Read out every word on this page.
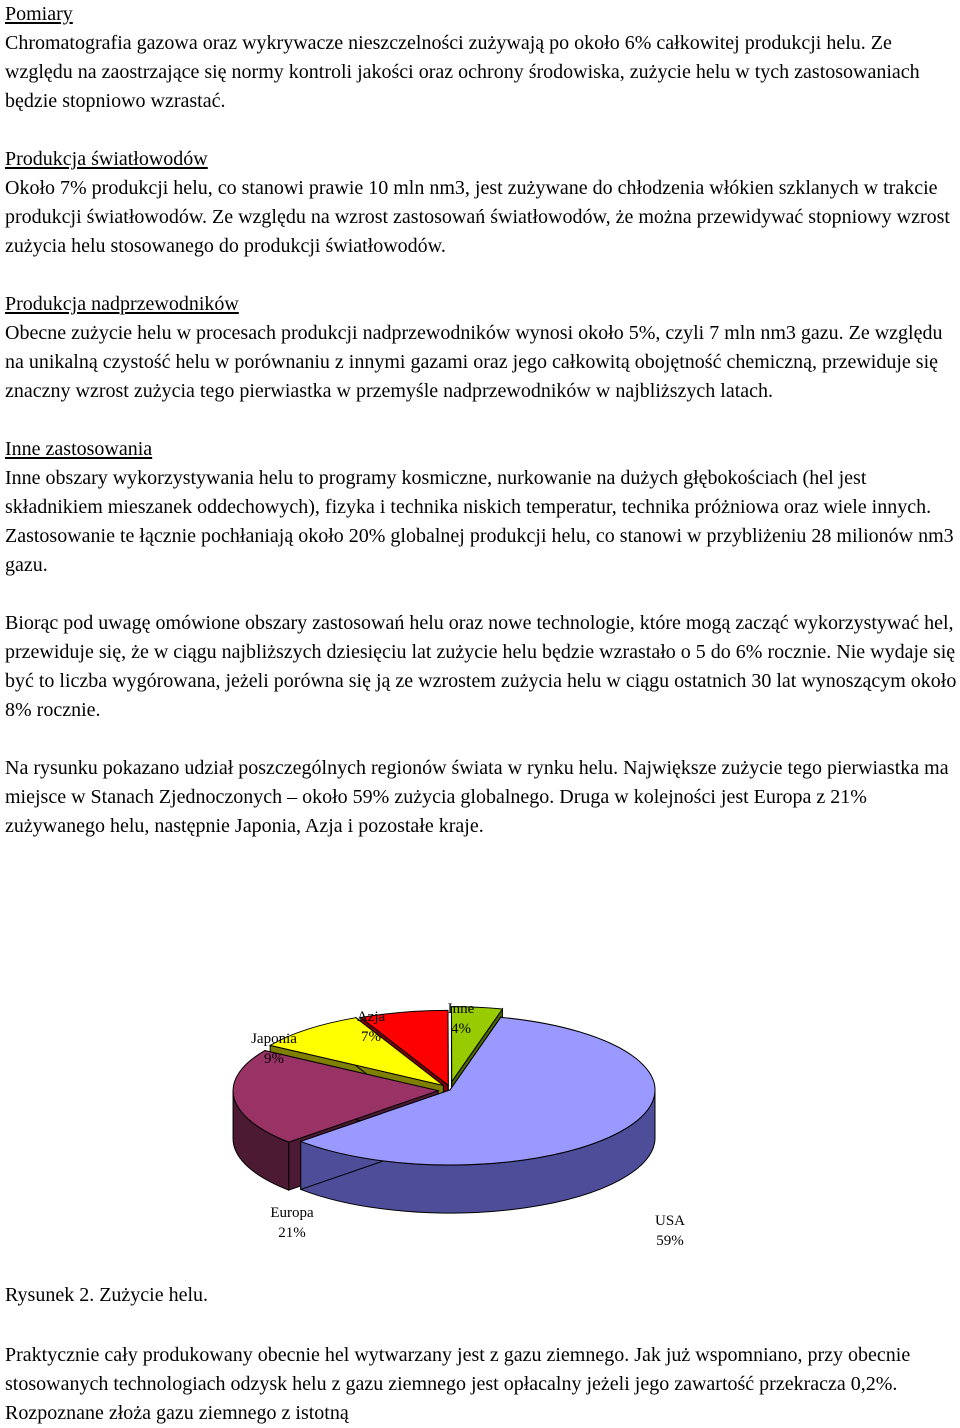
Pomiary

Chromatografia gazowa oraz wykrywacze nieszczelności zużywają po około 6% całkowitej produkcji helu. Ze względu na zaostrzające się normy kontroli jakości oraz ochrony środowiska, zużycie helu w tych zastosowaniach będzie stopniowo wzrastać.

Produkcja światłowodów

Około 7% produkcji helu, co stanowi prawie 10 mln nm3, jest zużywane do chłodzenia włókien szklanych w trakcie produkcji światłowodów. Ze względu na wzrost zastosowań światłowodów, że można przewidywać stopniowy wzrost zużycia helu stosowanego do produkcji światłowodów.

Produkcja nadprzewodników

Obecne zużycie helu w procesach produkcji nadprzewodników wynosi około 5%, czyli 7 mln nm3 gazu. Ze względu na unikalną czystość helu w porównaniu z innymi gazami oraz jego całkowitą obojętność chemiczną, przewiduje się znaczny wzrost zużycia tego pierwiastka w przemyśle nadprzewodników w najbliższych latach.

Inne zastosowania

Inne obszary wykorzystywania helu to programy kosmiczne, nurkowanie na dużych głębokościach (hel jest składnikiem mieszanek oddechowych), fizyka i technika niskich temperatur, technika próżniowa oraz wiele innych. Zastosowanie te łącznie pochłaniają około 20% globalnej produkcji helu, co stanowi w przybliżeniu 28 milionów nm3 gazu.

Biorąc pod uwagę omówione obszary zastosowań helu oraz nowe technologie, które mogą zacząć wykorzystywać hel, przewiduje się, że w ciągu najbliższych dziesięciu lat zużycie helu będzie wzrastało o 5 do 6% rocznie. Nie wydaje się być to liczba wygórowana, jeżeli porówna się ją ze wzrostem zużycia helu w ciągu ostatnich 30 lat wynoszącym około 8% rocznie.

Na rysunku pokazano udział poszczególnych regionów świata w rynku helu. Największe zużycie tego pierwiastka ma miejsce w Stanach Zjednoczonych – około 59% zużycia globalnego. Druga w kolejności jest Europa z 21% zużywanego helu, następnie Japonia, Azja i pozostałe kraje.

USA
59%
Europa
21%
Japonia
9%
Azja
7%
Inne
4%

Rysunek 2. Zużycie helu.

Praktycznie cały produkowany obecnie hel wytwarzany jest z gazu ziemnego. Jak już wspomniano, przy obecnie stosowanych technologiach odzysk helu z gazu ziemnego jest opłacalny jeżeli jego zawartość przekracza 0,2%. Rozpoznane złoża gazu ziemnego z istotną
